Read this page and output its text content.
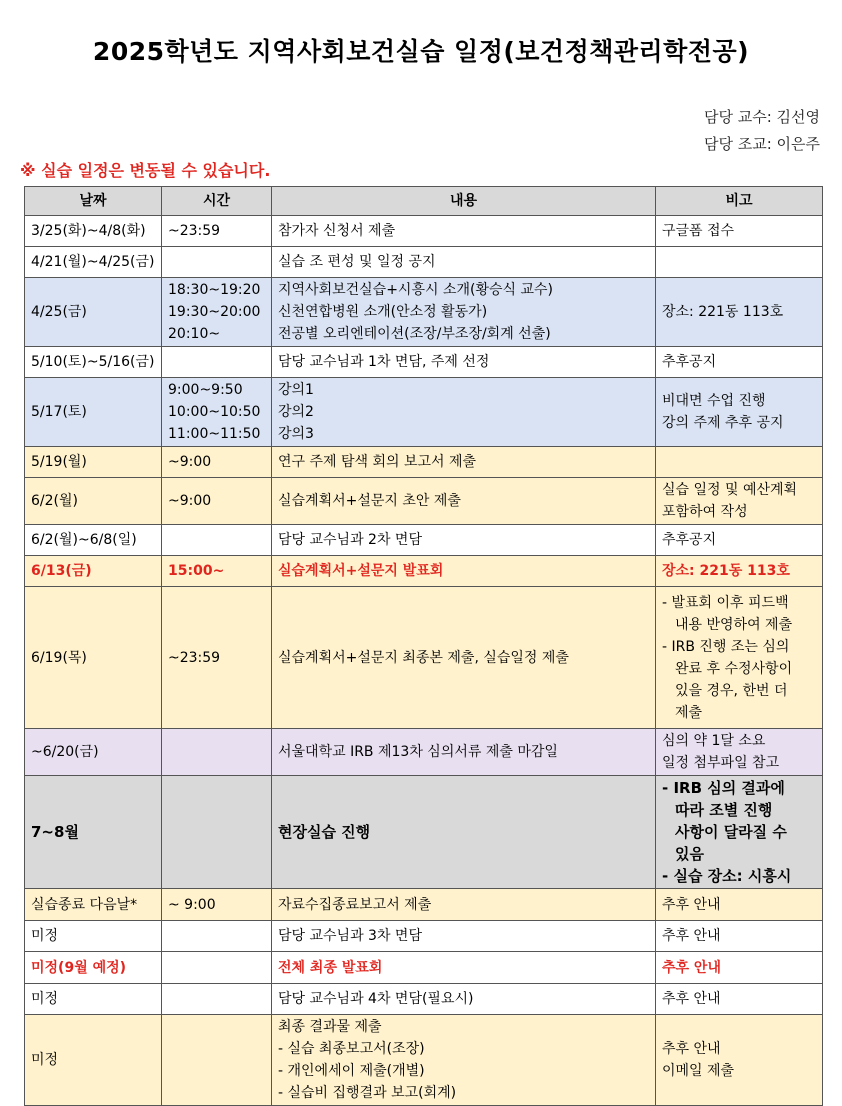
2025학년도 지역사회보건실습 일정(보건정책관리학전공)
담당 교수: 김선영
담당 조교: 이은주
※ 실습 일정은 변동될 수 있습니다.
날짜	시간	내용	비고
3/25(화)~4/8(화)	~23:59	참가자 신청서 제출	구글폼 접수

4/21(월)~4/25(금)		실습 조 편성 및 일정 공지	

4/25(금)	18:30~19:20
19:30~20:00
20:10~	지역사회보건실습+시흥시 소개(황승식 교수)
신천연합병원 소개(안소정 활동가)
전공별 오리엔테이션(조장/부조장/회계 선출)	장소: 221동 113호

5/10(토)~5/16(금)		담당 교수님과 1차 면담, 주제 선정	추후공지

5/17(토)	9:00~9:50
10:00~10:50
11:00~11:50	강의1
강의2
강의3	비대면 수업 진행
강의 주제 추후 공지

5/19(월)	~9:00	연구 주제 탐색 회의 보고서 제출	

6/2(월)	~9:00	실습계획서+설문지 초안 제출	실습 일정 및 예산계획 포함하여 작성

6/2(월)~6/8(일)		담당 교수님과 2차 면담	추후공지

6/13(금)	15:00~	실습계획서+설문지 발표회	장소: 221동 113호

6/19(목)	~23:59	실습계획서+설문지 최종본 제출, 실습일정 제출	- 발표회 이후 피드백 내용 반영하여 제출
- IRB 진행 조는 심의 완료 후 수정사항이 있을 경우, 한번 더 제출

~6/20(금)		서울대학교 IRB 제13차 심의서류 제출 마감일	심의 약 1달 소요
일정 첨부파일 참고

7~8월		현장실습 진행	- IRB 심의 결과에 따라 조별 진행 사항이 달라질 수 있음
- 실습 장소: 시흥시

실습종료 다음날*	~ 9:00	자료수집종료보고서 제출	추후 안내

미정		담당 교수님과 3차 면담	추후 안내

미정(9월 예정)		전체 최종 발표회	추후 안내

미정		담당 교수님과 4차 면담(필요시)	추후 안내

미정		최종 결과물 제출
- 실습 최종보고서(조장)
- 개인에세이 제출(개별)
- 실습비 집행결과 보고(회계)	추후 안내
이메일 제출
